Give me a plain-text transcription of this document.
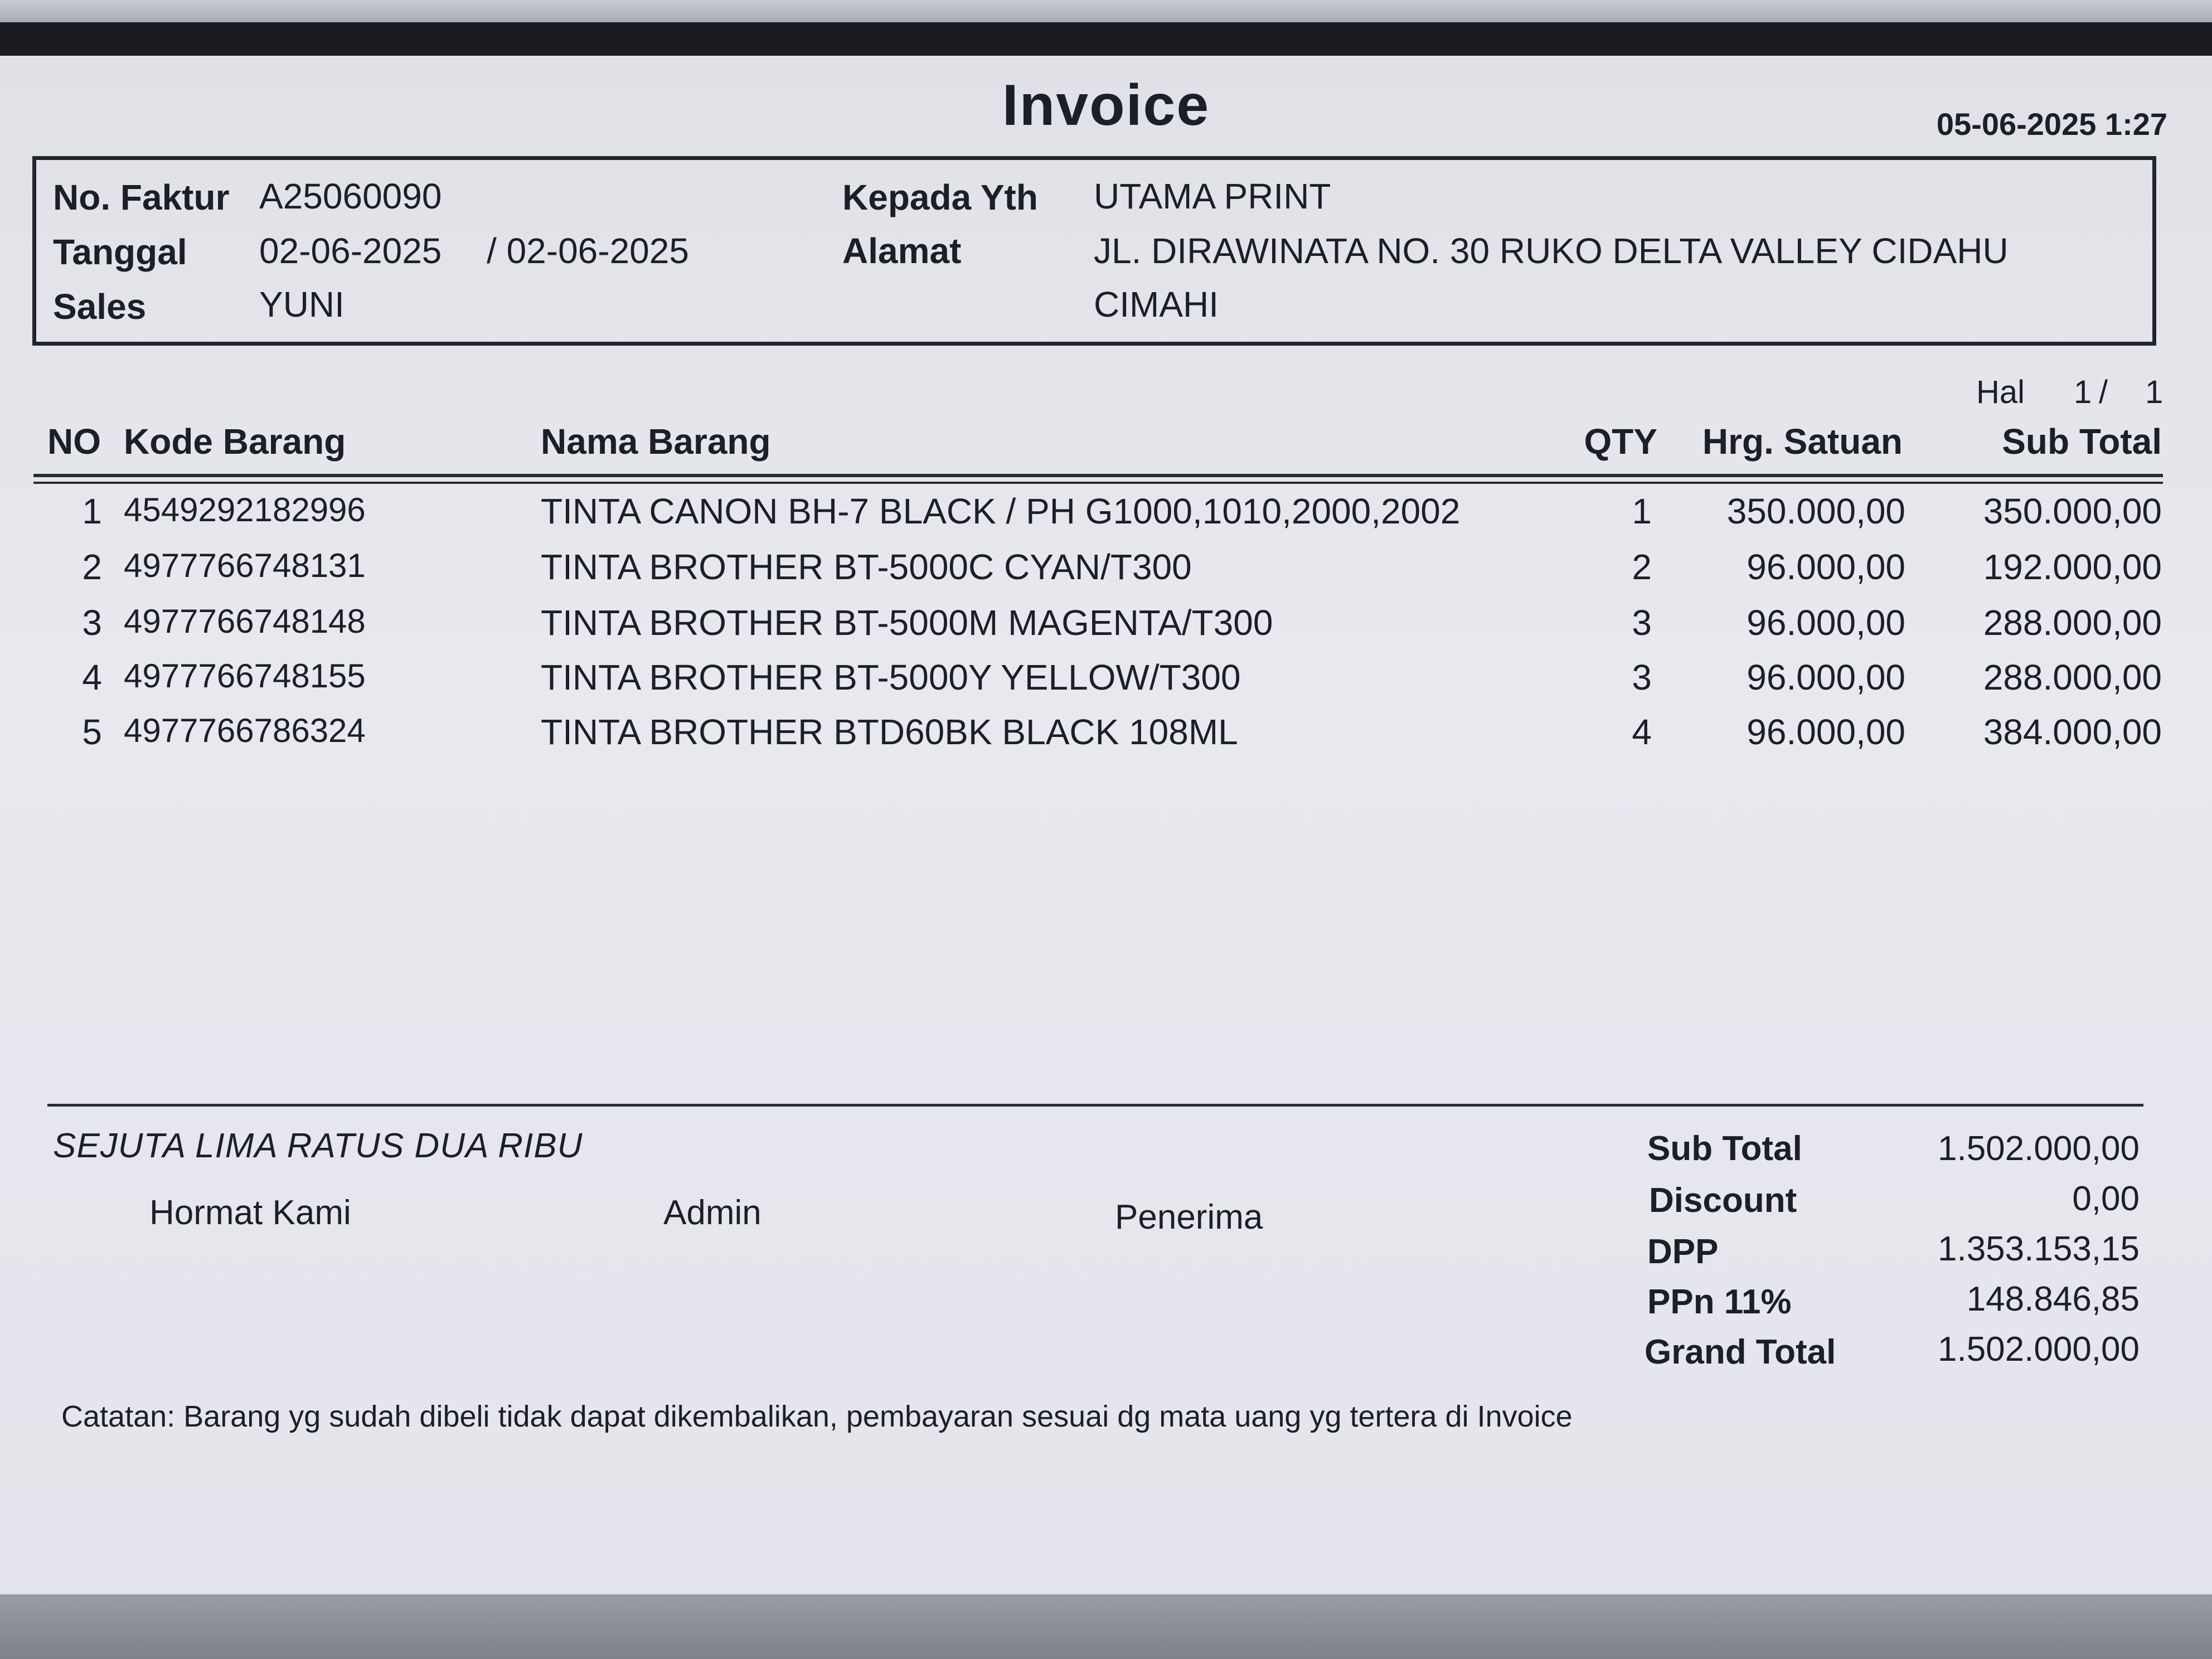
Invoice	05-06-2025 1:27
No. Faktur A25060090
Tanggal 02-06-2025 / 02-06-2025
Sales	YUNI
Kepada Yth UTAMA PRINT
Alamat	JL. DIRAWINATA NO. 30 RUKO DELTA VALLEY CIDAHU
CIMAHI
Hal 1 / 1
NO Kode Barang	Nama Barang	QTY Hrg. Satuan	Sub Total
1 4549292182996	TINTA CANON BH-7 BLACK / PH G1000,1010,2000,2002	1 350.000,00 350.000,00
2 4977766748131	TINTA BROTHER BT-5000C CYAN/T300	2	96.000,00 192.000,00
3 4977766748148	TINTA BROTHER BT-5000M MAGENTA/T300	3	96.000,00 288.000,00
4 4977766748155	TINTA BROTHER BT-5000Y YELLOW/T300	3	96.000,00 288.000,00
5 4977766786324	TINTA BROTHER BTD60BK BLACK 108ML	4	96.000,00 384.000,00
SEJUTA LIMA RATUS DUA RIBU
Hormat Kami	Admin	Penerima
Sub Total	1.502.000,00
Discount	0,00
DPP	1.353.153,15
PPn 11%	148.846,85
Grand Total	1.502.000,00
Catatan: Barang yg sudah dibeli tidak dapat dikembalikan, pembayaran sesuai dg mata uang yg tertera di Invoice
